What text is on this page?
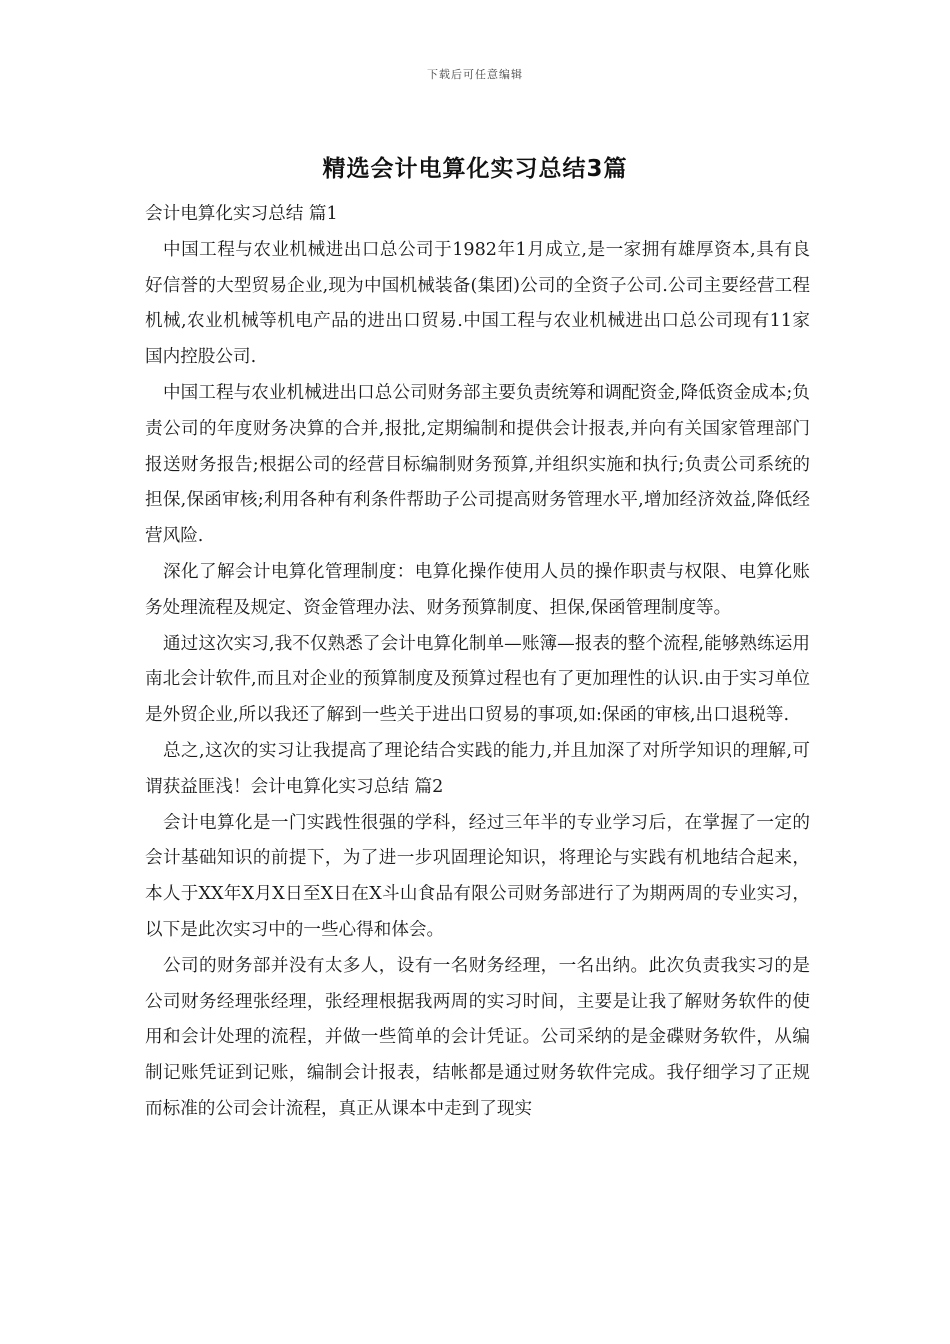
下载后可任意编辑
精选会计电算化实习总结3篇

会计电算化实习总结 篇1

中国工程与农业机械进出口总公司于1982年1月成立,是一家拥有雄厚资本,具有良好信誉的大型贸易企业,现为中国机械装备(集团)公司的全资子公司.公司主要经营工程机械,农业机械等机电产品的进出口贸易.中国工程与农业机械进出口总公司现有11家国内控股公司.

中国工程与农业机械进出口总公司财务部主要负责统筹和调配资金,降低资金成本;负责公司的年度财务决算的合并,报批,定期编制和提供会计报表,并向有关国家管理部门报送财务报告;根据公司的经营目标编制财务预算,并组织实施和执行;负责公司系统的担保,保函审核;利用各种有利条件帮助子公司提高财务管理水平,增加经济效益,降低经营风险.

深化了解会计电算化管理制度：电算化操作使用人员的操作职责与权限、电算化账务处理流程及规定、资金管理办法、财务预算制度、担保,保函管理制度等。

通过这次实习,我不仅熟悉了会计电算化制单—账簿—报表的整个流程,能够熟练运用南北会计软件,而且对企业的预算制度及预算过程也有了更加理性的认识.由于实习单位是外贸企业,所以我还了解到一些关于进出口贸易的事项,如:保函的审核,出口退税等.

总之,这次的实习让我提高了理论结合实践的能力,并且加深了对所学知识的理解,可谓获益匪浅！会计电算化实习总结 篇2

会计电算化是一门实践性很强的学科，经过三年半的专业学习后，在掌握了一定的会计基础知识的前提下，为了进一步巩固理论知识，将理论与实践有机地结合起来，本人于XX年X月X日至X日在X斗山食品有限公司财务部进行了为期两周的专业实习，以下是此次实习中的一些心得和体会。

公司的财务部并没有太多人，设有一名财务经理，一名出纳。此次负责我实习的是公司财务经理张经理，张经理根据我两周的实习时间，主要是让我了解财务软件的使用和会计处理的流程，并做一些简单的会计凭证。公司采纳的是金碟财务软件，从编制记账凭证到记账，编制会计报表，结帐都是通过财务软件完成。我仔细学习了正规而标准的公司会计流程，真正从课本中走到了现实
